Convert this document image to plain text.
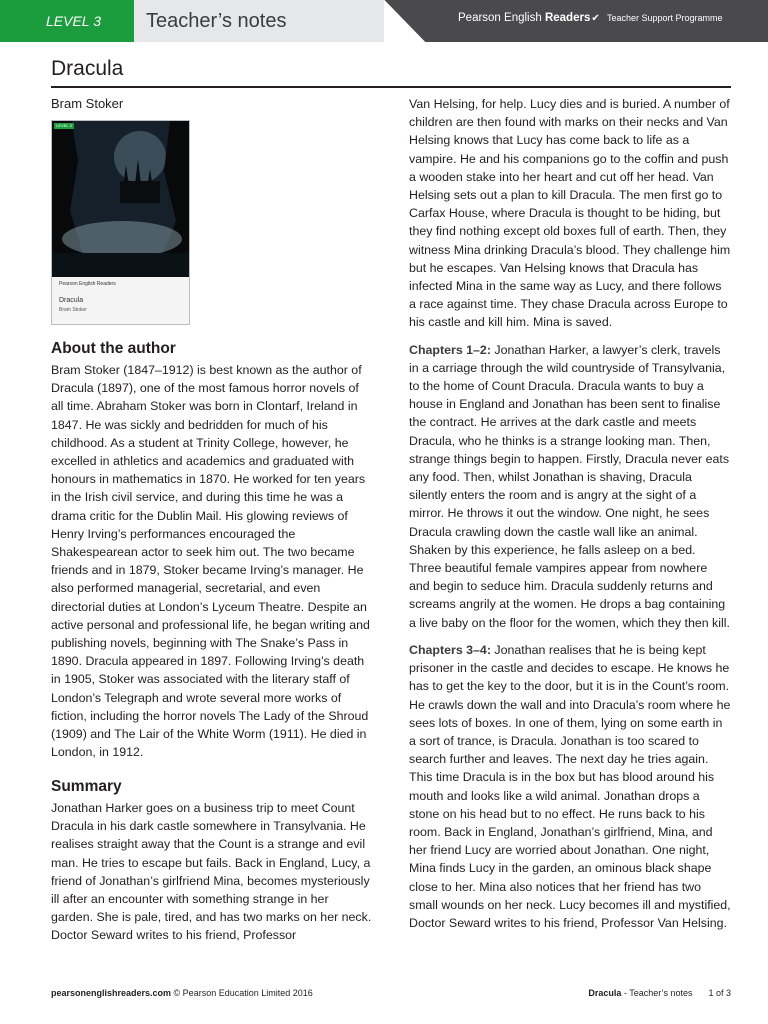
LEVEL 3	Teacher’s notes	Pearson English Readers✔ Teacher Support Programme
Dracula
Bram Stoker
LEVEL 3
Pearson English Readers
Dracula
Bram Stoker
About the author

Bram Stoker (1847–1912) is best known as the author of Dracula (1897), one of the most famous horror novels of all time. Abraham Stoker was born in Clontarf, Ireland in 1847. He was sickly and bedridden for much of his childhood. As a student at Trinity College, however, he excelled in athletics and academics and graduated with honours in mathematics in 1870. He worked for ten years in the Irish civil service, and during this time he was a drama critic for the Dublin Mail. His glowing reviews of Henry Irving’s performances encouraged the Shakespearean actor to seek him out. The two became friends and in 1879, Stoker became Irving’s manager. He also performed managerial, secretarial, and even directorial duties at London’s Lyceum Theatre. Despite an active personal and professional life, he began writing and publishing novels, beginning with The Snake’s Pass in 1890. Dracula appeared in 1897. Following Irving’s death in 1905, Stoker was associated with the literary staff of London’s Telegraph and wrote several more works of fiction, including the horror novels The Lady of the Shroud (1909) and The Lair of the White Worm (1911). He died in London, in 1912.

Summary

Jonathan Harker goes on a business trip to meet Count Dracula in his dark castle somewhere in Transylvania. He realises straight away that the Count is a strange and evil man. He tries to escape but fails. Back in England, Lucy, a friend of Jonathan’s girlfriend Mina, becomes mysteriously ill after an encounter with something strange in her garden. She is pale, tired, and has two marks on her neck. Doctor Seward writes to his friend, Professor

Van Helsing, for help. Lucy dies and is buried. A number of children are then found with marks on their necks and Van Helsing knows that Lucy has come back to life as a vampire. He and his companions go to the coffin and push a wooden stake into her heart and cut off her head. Van Helsing sets out a plan to kill Dracula. The men first go to Carfax House, where Dracula is thought to be hiding, but they find nothing except old boxes full of earth. Then, they witness Mina drinking Dracula’s blood. They challenge him but he escapes. Van Helsing knows that Dracula has infected Mina in the same way as Lucy, and there follows a race against time. They chase Dracula across Europe to his castle and kill him. Mina is saved.

Chapters 1–2: Jonathan Harker, a lawyer’s clerk, travels in a carriage through the wild countryside of Transylvania, to the home of Count Dracula. Dracula wants to buy a house in England and Jonathan has been sent to finalise the contract. He arrives at the dark castle and meets Dracula, who he thinks is a strange looking man. Then, strange things begin to happen. Firstly, Dracula never eats any food. Then, whilst Jonathan is shaving, Dracula silently enters the room and is angry at the sight of a mirror. He throws it out the window. One night, he sees Dracula crawling down the castle wall like an animal. Shaken by this experience, he falls asleep on a bed. Three beautiful female vampires appear from nowhere and begin to seduce him. Dracula suddenly returns and screams angrily at the women. He drops a bag containing a live baby on the floor for the women, which they then kill.

Chapters 3–4: Jonathan realises that he is being kept prisoner in the castle and decides to escape. He knows he has to get the key to the door, but it is in the Count’s room. He crawls down the wall and into Dracula’s room where he sees lots of boxes. In one of them, lying on some earth in a sort of trance, is Dracula. Jonathan is too scared to search further and leaves. The next day he tries again. This time Dracula is in the box but has blood around his mouth and looks like a wild animal. Jonathan drops a stone on his head but to no effect. He runs back to his room. Back in England, Jonathan’s girlfriend, Mina, and her friend Lucy are worried about Jonathan. One night, Mina finds Lucy in the garden, an ominous black shape close to her. Mina also notices that her friend has two small wounds on her neck. Lucy becomes ill and mystified, Doctor Seward writes to his friend, Professor Van Helsing.

pearsonenglishreaders.com © Pearson Education Limited 2016	Dracula - Teacher’s notes 1 of 3
